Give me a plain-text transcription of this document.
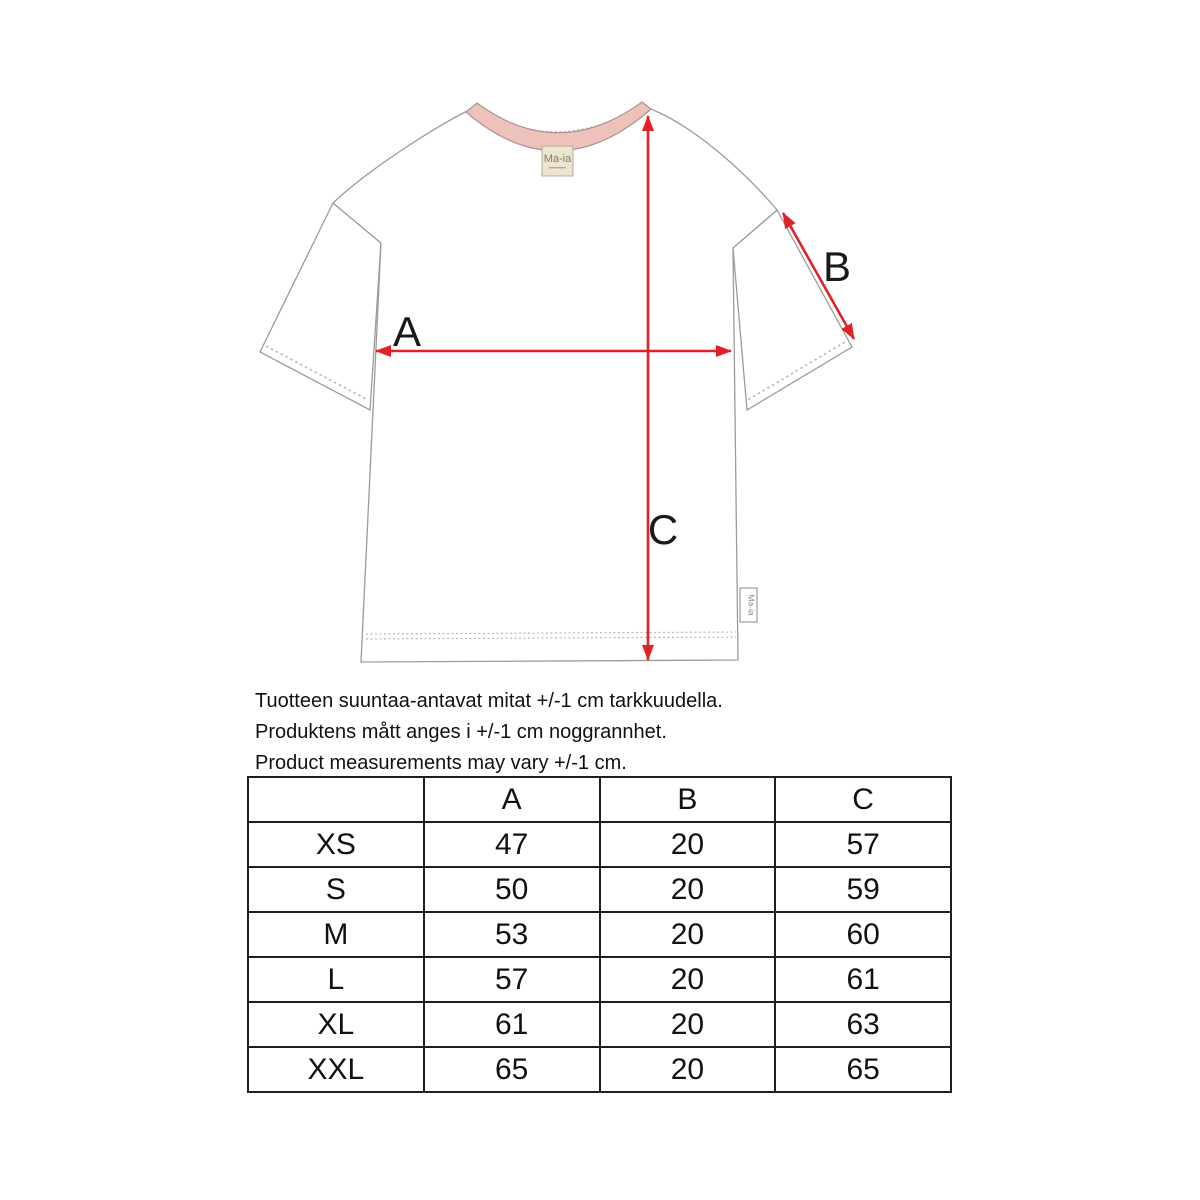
Ma-ia
Ma-ia
A
B
C
Tuotteen suuntaa-antavat mitat +/-1 cm tarkkuudella.
Produktens mått anges i +/-1 cm noggrannhet.
Product measurements may vary +/-1 cm.
	A	B	C
XS	47	20	57
S	50	20	59
M	53	20	60
L	57	20	61
XL	61	20	63
XXL	65	20	65
